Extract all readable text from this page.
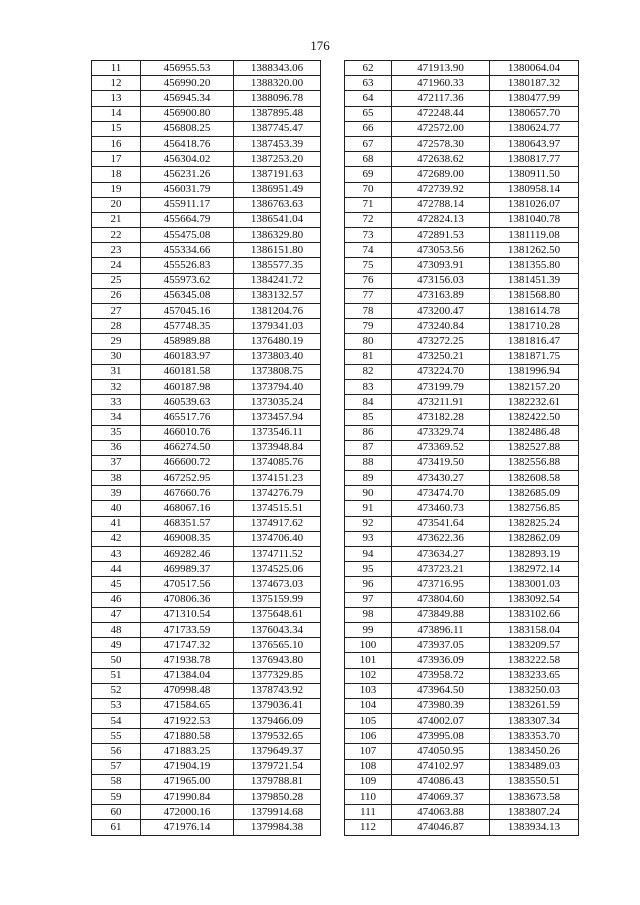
176
11	456955.53	1388343.06
12	456990.20	1388320.00
13	456945.34	1388096.78
14	456900.80	1387895.48
15	456808.25	1387745.47
16	456418.76	1387453.39
17	456304.02	1387253.20
18	456231.26	1387191.63
19	456031.79	1386951.49
20	455911.17	1386763.63
21	455664.79	1386541.04
22	455475.08	1386329.80
23	455334.66	1386151.80
24	455526.83	1385577.35
25	455973.62	1384241.72
26	456345.08	1383132.57
27	457045.16	1381204.76
28	457748.35	1379341.03
29	458989.88	1376480.19
30	460183.97	1373803.40
31	460181.58	1373808.75
32	460187.98	1373794.40
33	460539.63	1373035.24
34	465517.76	1373457.94
35	466010.76	1373546.11
36	466274.50	1373948.84
37	466600.72	1374085.76
38	467252.95	1374151.23
39	467660.76	1374276.79
40	468067.16	1374515.51
41	468351.57	1374917.62
42	469008.35	1374706.40
43	469282.46	1374711.52
44	469989.37	1374525.06
45	470517.56	1374673.03
46	470806.36	1375159.99
47	471310.54	1375648.61
48	471733.59	1376043.34
49	471747.32	1376565.10
50	471938.78	1376943.80
51	471384.04	1377329.85
52	470998.48	1378743.92
53	471584.65	1379036.41
54	471922.53	1379466.09
55	471880.58	1379532.65
56	471883.25	1379649.37
57	471904.19	1379721.54
58	471965.00	1379788.81
59	471990.84	1379850.28
60	472000.16	1379914.68
61	471976.14	1379984.38
62	471913.90	1380064.04
63	471960.33	1380187.32
64	472117.36	1380477.99
65	472248.44	1380657.70
66	472572.00	1380624.77
67	472578.30	1380643.97
68	472638.62	1380817.77
69	472689.00	1380911.50
70	472739.92	1380958.14
71	472788.14	1381026.07
72	472824.13	1381040.78
73	472891.53	1381119.08
74	473053.56	1381262.50
75	473093.91	1381355.80
76	473156.03	1381451.39
77	473163.89	1381568.80
78	473200.47	1381614.78
79	473240.84	1381710.28
80	473272.25	1381816.47
81	473250.21	1381871.75
82	473224.70	1381996.94
83	473199.79	1382157.20
84	473211.91	1382232.61
85	473182.28	1382422.50
86	473329.74	1382486.48
87	473369.52	1382527.88
88	473419.50	1382556.88
89	473430.27	1382608.58
90	473474.70	1382685.09
91	473460.73	1382756.85
92	473541.64	1382825.24
93	473622.36	1382862.09
94	473634.27	1382893.19
95	473723.21	1382972.14
96	473716.95	1383001.03
97	473804.60	1383092.54
98	473849.88	1383102.66
99	473896.11	1383158.04
100	473937.05	1383209.57
101	473936.09	1383222.58
102	473958.72	1383233.65
103	473964.50	1383250.03
104	473980.39	1383261.59
105	474002.07	1383307.34
106	473995.08	1383353.70
107	474050.95	1383450.26
108	474102.97	1383489.03
109	474086.43	1383550.51
110	474069.37	1383673.58
111	474063.88	1383807.24
112	474046.87	1383934.13
